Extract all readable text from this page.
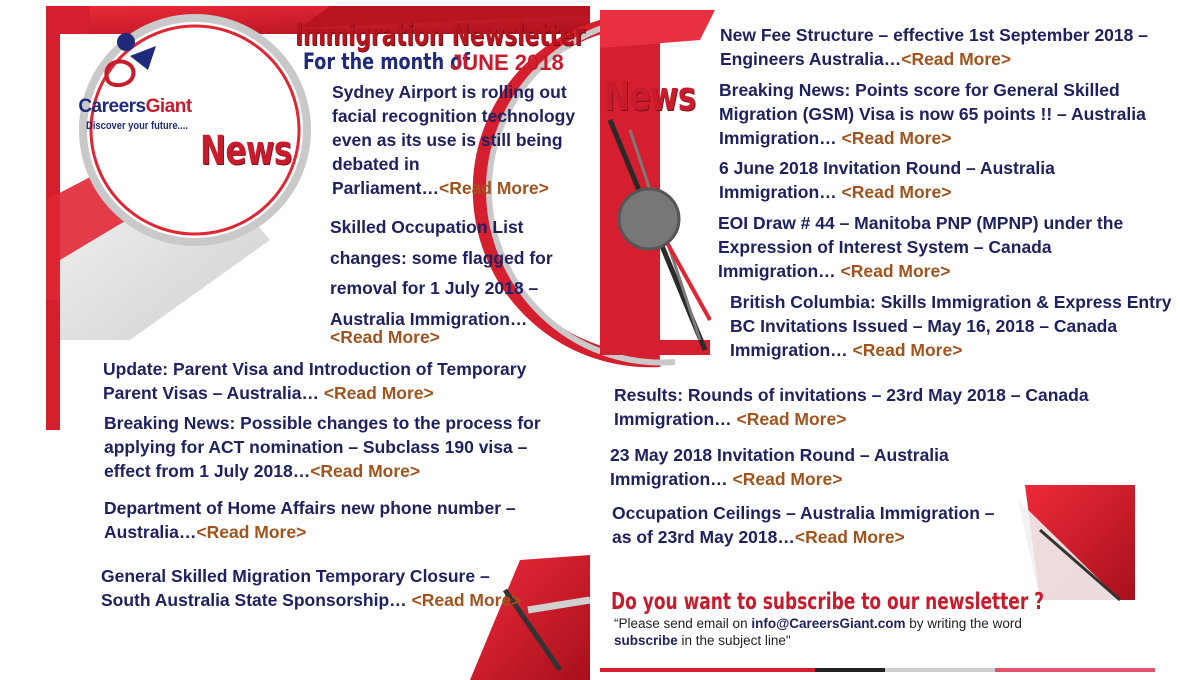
CareersGiant
Discover your future....
Immigration Newsletter
For the month of
JUNE 2018
News
News
Sydney Airport is rolling out
facial recognition technology
even as its use is still being
debated in
Parliament…<Read More>
Skilled Occupation List
changes: some flagged for
removal for 1 July 2018 –
Australia Immigration…
<Read More>
Update: Parent Visa and Introduction of Temporary
Parent Visas – Australia… <Read More>
Breaking News: Possible changes to the process for
applying for ACT nomination – Subclass 190 visa –
effect from 1 July 2018…<Read More>
Department of Home Affairs new phone number –
Australia…<Read More>
General Skilled Migration Temporary Closure –
South Australia State Sponsorship… <Read More>
New Fee Structure – effective 1st September 2018 –
Engineers Australia…<Read More>
Breaking News: Points score for General Skilled
Migration (GSM) Visa is now 65 points !! – Australia
Immigration… <Read More>
6 June 2018 Invitation Round – Australia
Immigration… <Read More>
EOI Draw # 44 – Manitoba PNP (MPNP) under the
Expression of Interest System – Canada
Immigration… <Read More>
British Columbia: Skills Immigration & Express Entry
BC Invitations Issued – May 16, 2018 – Canada
Immigration… <Read More>
Results: Rounds of invitations – 23rd May 2018 – Canada
Immigration… <Read More>
23 May 2018 Invitation Round – Australia
Immigration… <Read More>
Occupation Ceilings – Australia Immigration –
as of 23rd May 2018…<Read More>
Do you want to subscribe to our newsletter ?
“Please send email on info@CareersGiant.com by writing the word
subscribe in the subject line"
